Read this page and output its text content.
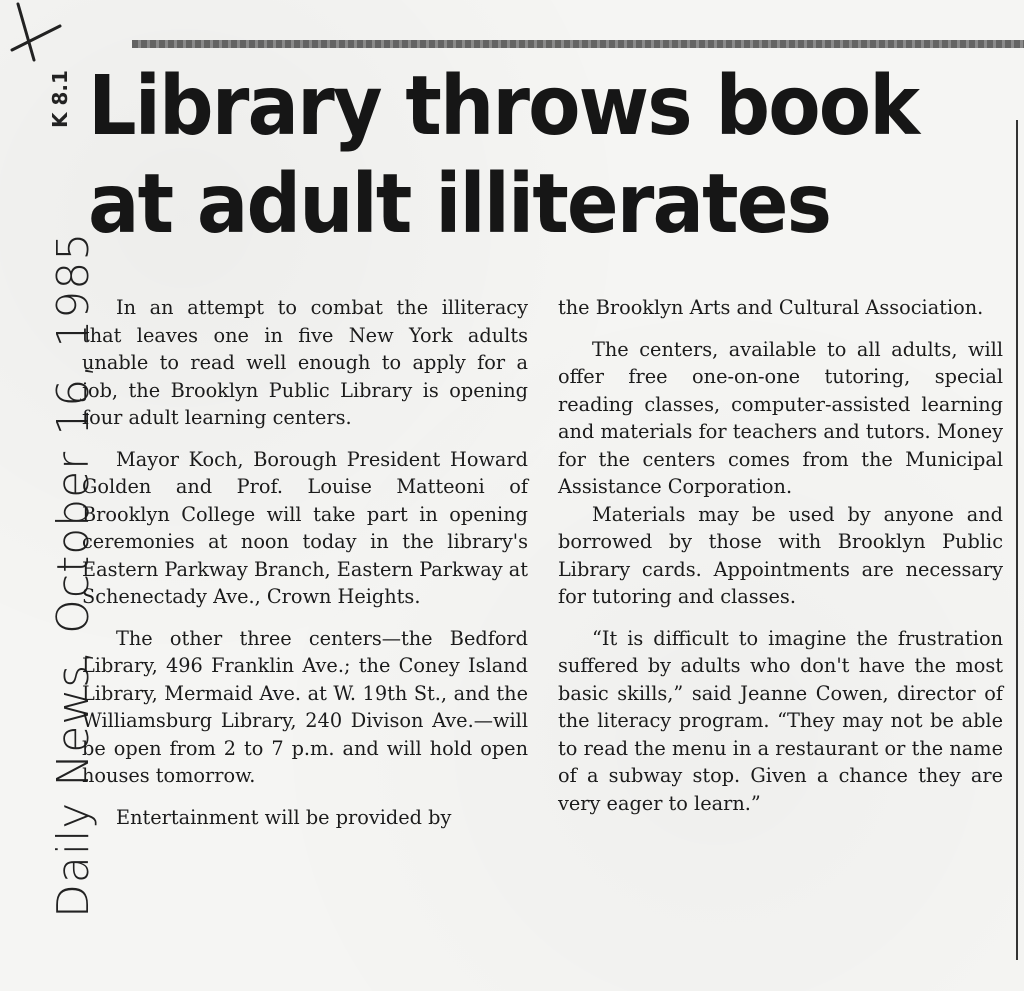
K 8.1
Daily News, October 16, 1985
Library throws book at adult illiterates

In an attempt to combat the illiteracy that leaves one in five New York adults unable to read well enough to apply for a job, the Brooklyn Public Library is opening four adult learning centers.

Mayor Koch, Borough President Howard Golden and Prof. Louise Matteoni of Brooklyn College will take part in opening ceremonies at noon today in the library's Eastern Parkway Branch, Eastern Parkway at Schenectady Ave., Crown Heights.

The other three centers—the Bedford Library, 496 Franklin Ave.; the Coney Island Library, Mermaid Ave. at W. 19th St., and the Williamsburg Library, 240 Divison Ave.—will be open from 2 to 7 p.m. and will hold open houses tomorrow.

Entertainment will be provided by

the Brooklyn Arts and Cultural Association.

The centers, available to all adults, will offer free one-on-one tutoring, special reading classes, computer-assisted learning and materials for teachers and tutors. Money for the centers comes from the Municipal Assistance Corporation.

Materials may be used by anyone and borrowed by those with Brooklyn Public Library cards. Appointments are necessary for tutoring and classes.

“It is difficult to imagine the frustration suffered by adults who don't have the most basic skills,” said Jeanne Cowen, director of the literacy program. “They may not be able to read the menu in a restaurant or the name of a subway stop. Given a chance they are very eager to learn.”
